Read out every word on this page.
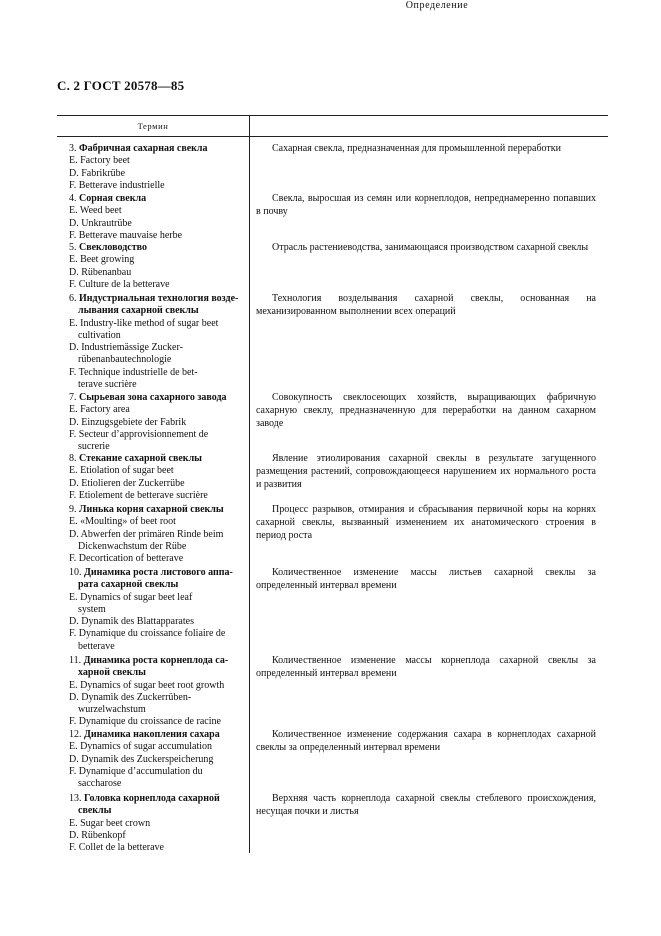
С. 2 ГОСТ 20578—85
Термин
Определение
3. Фабричная сахарная свекла
E. Factory beet
D. Fabrikrübe
F. Betterave industrielle
Сахарная свекла, предназначенная для промышленной переработки
4. Сорная свекла
E. Weed beet
D. Unkrautrübe
F. Betterave mauvaise herbe
Свекла, выросшая из семян или корнеплодов, непреднамеренно попавших в почву
5. Свекловодство
E. Beet growing
D. Rübenanbau
F. Culture de la betterave
Отрасль растениеводства, занимающаяся производством сахарной свеклы
6. Индустриальная технология возде-
лывания сахарной свеклы
E. Industry-like method of sugar beet
cultivation
D. Industriemässige Zucker-
rübenanbautechnologie
F. Technique industrielle de bet-
terave sucrière
Технология возделывания сахарной свеклы, основанная на механизированном выполнении всех операций
7. Сырьевая зона сахарного завода
E. Factory area
D. Einzugsgebiete der Fabrik
F. Secteur d’approvisionnement de
sucrerie
Совокупность свеклосеющих хозяйств, выращивающих фабричную сахарную свеклу, предназначенную для переработки на данном сахарном заводе
8. Стекание сахарной свеклы
E. Etiolation of sugar beet
D. Etiolieren der Zuckerrübe
F. Etiolement de betterave sucrière
Явление этиолирования сахарной свеклы в результате загущенного размещения растений, сопровождающееся нарушением их нормального роста и развития
9. Линька корня сахарной свеклы
E. «Moulting» of beet root
D. Abwerfen der primären Rinde beim
Dickenwachstum der Rübe
F. Decortication of betterave
Процесс разрывов, отмирания и сбрасывания первичной коры на корнях сахарной свеклы, вызванный изменением их анатомического строения в период роста
10. Динамика роста листового аппа-
рата сахарной свеклы
E. Dynamics of sugar beet leaf
system
D. Dynamik des Blattapparates
F. Dynamique du croissance foliaire de
betterave
Количественное изменение массы листьев сахарной свеклы за определенный интервал времени
11. Динамика роста корнеплода са-
харной свеклы
E. Dynamics of sugar beet root growth
D. Dynamik des Zuckerrüben-
wurzelwachstum
F. Dynamique du croissance de racine
Количественное изменение массы корнеплода сахарной свеклы за определенный интервал времени
12. Динамика накопления сахара
E. Dynamics of sugar accumulation
D. Dynamik des Zuckerspeicherung
F. Dynamique d’accumulation du
saccharose
Количественное изменение содержания сахара в корнеплодах сахарной свеклы за определенный интервал времени
13. Головка корнеплода сахарной
свеклы
E. Sugar beet crown
D. Rübenkopf
F. Collet de la betterave
Верхняя часть корнеплода сахарной свеклы стеблевого происхождения, несущая почки и листья
